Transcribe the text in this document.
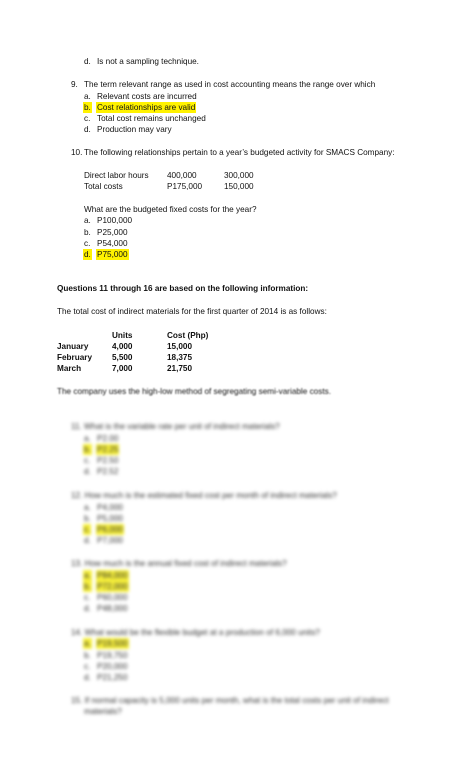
d. Is not a sampling technique.
9. The term relevant range as used in cost accounting means the range over which
a. Relevant costs are incurred
b. Cost relationships are valid
c. Total cost remains unchanged
d. Production may vary
10. The following relationships pertain to a year’s budgeted activity for SMACS Company:
Direct labor hours 400,000	300,000
Total costs	P175,000	150,000
What are the budgeted fixed costs for the year?
a. P100,000
b. P25,000
c. P54,000
d. P75,000
Questions 11 through 16 are based on the following information:
The total cost of indirect materials for the first quarter of 2014 is as follows:
Units	Cost (Php)
January	4,000	15,000
February 5,500	18,375
March	7,000	21,750
The company uses the high-low method of segregating semi-variable costs.
11. What is the variable rate per unit of indirect materials?
a. P2.00
b. P2.25
c. P2.50
d. P2.52
12. How much is the estimated fixed cost per month of indirect materials?
a. P4,000
b. P5,000
c. P6,000
d. P7,000
13. How much is the annual fixed cost of indirect materials?
a. P84,000
b. P72,000
c. P60,000
d. P48,000
14. What would be the flexible budget at a production of 6,000 units?
a. P19,500
b. P19,750
c. P20,000
d. P21,250
15. If normal capacity is 5,000 units per month, what is the total costs per unit of indirect
materials?
